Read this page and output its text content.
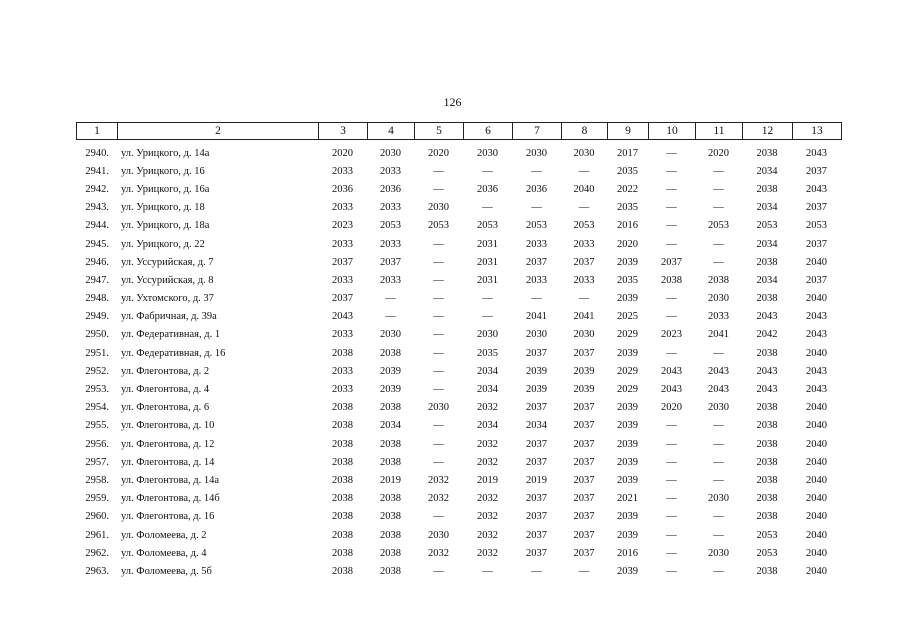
126
1	2	3	4	5	6	7	8	9	10	11	12	13
2940.	ул. Урицкого, д. 14а	2020	2030	2020	2030	2030	2030	2017	—	2020	2038	2043
2941.	ул. Урицкого, д. 16	2033	2033	—	—	—	—	2035	—	—	2034	2037
2942.	ул. Урицкого, д. 16а	2036	2036	—	2036	2036	2040	2022	—	—	2038	2043
2943.	ул. Урицкого, д. 18	2033	2033	2030	—	—	—	2035	—	—	2034	2037
2944.	ул. Урицкого, д. 18а	2023	2053	2053	2053	2053	2053	2016	—	2053	2053	2053
2945.	ул. Урицкого, д. 22	2033	2033	—	2031	2033	2033	2020	—	—	2034	2037
2946.	ул. Уссурийская, д. 7	2037	2037	—	2031	2037	2037	2039	2037	—	2038	2040
2947.	ул. Уссурийская, д. 8	2033	2033	—	2031	2033	2033	2035	2038	2038	2034	2037
2948.	ул. Ухтомского, д. 37	2037	—	—	—	—	—	2039	—	2030	2038	2040
2949.	ул. Фабричная, д. 39а	2043	—	—	—	2041	2041	2025	—	2033	2043	2043
2950.	ул. Федеративная, д. 1	2033	2030	—	2030	2030	2030	2029	2023	2041	2042	2043
2951.	ул. Федеративная, д. 16	2038	2038	—	2035	2037	2037	2039	—	—	2038	2040
2952.	ул. Флегонтова, д. 2	2033	2039	—	2034	2039	2039	2029	2043	2043	2043	2043
2953.	ул. Флегонтова, д. 4	2033	2039	—	2034	2039	2039	2029	2043	2043	2043	2043
2954.	ул. Флегонтова, д. 6	2038	2038	2030	2032	2037	2037	2039	2020	2030	2038	2040
2955.	ул. Флегонтова, д. 10	2038	2034	—	2034	2034	2037	2039	—	—	2038	2040
2956.	ул. Флегонтова, д. 12	2038	2038	—	2032	2037	2037	2039	—	—	2038	2040
2957.	ул. Флегонтова, д. 14	2038	2038	—	2032	2037	2037	2039	—	—	2038	2040
2958.	ул. Флегонтова, д. 14а	2038	2019	2032	2019	2019	2037	2039	—	—	2038	2040
2959.	ул. Флегонтова, д. 14б	2038	2038	2032	2032	2037	2037	2021	—	2030	2038	2040
2960.	ул. Флегонтова, д. 16	2038	2038	—	2032	2037	2037	2039	—	—	2038	2040
2961.	ул. Фоломеева, д. 2	2038	2038	2030	2032	2037	2037	2039	—	—	2053	2040
2962.	ул. Фоломеева, д. 4	2038	2038	2032	2032	2037	2037	2016	—	2030	2053	2040
2963.	ул. Фоломеева, д. 5б	2038	2038	—	—	—	—	2039	—	—	2038	2040
